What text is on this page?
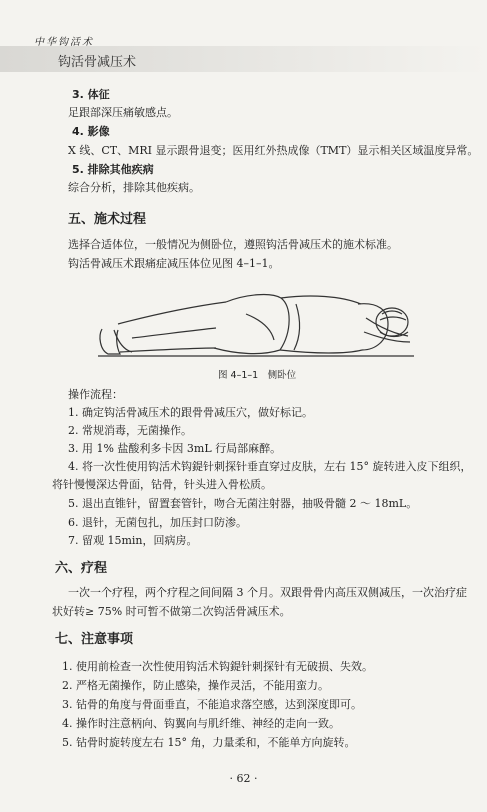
中华钩活术
钩活骨减压术
3. 体征
足跟部深压痛敏感点。
4. 影像
X 线、CT、MRI 显示跟骨退变；医用红外热成像（TMT）显示相关区域温度异常。
5. 排除其他疾病
综合分析，排除其他疾病。
五、施术过程
选择合适体位，一般情况为侧卧位，遵照钩活骨减压术的施术标准。
钩活骨减压术跟痛症减压体位见图 4–1–1。
图 4–1–1　侧卧位
操作流程：
1. 确定钩活骨减压术的跟骨骨减压穴，做好标记。
2. 常规消毒，无菌操作。
3. 用 1% 盐酸利多卡因 3mL 行局部麻醉。
4. 将一次性使用钩活术钩鍉针刺探针垂直穿过皮肤，左右 15° 旋转进入皮下组织，
将针慢慢深达骨面，钻骨，针头进入骨松质。
5. 退出直锥针，留置套管针，吻合无菌注射器，抽吸骨髓 2 ～ 18mL。
6. 退针，无菌包扎，加压封口防渗。
7. 留观 15min，回病房。
六、疗程
一次一个疗程，两个疗程之间间隔 3 个月。双跟骨骨内高压双侧减压，一次治疗症
状好转≥ 75% 时可暂不做第二次钩活骨减压术。
七、注意事项
1. 使用前检查一次性使用钩活术钩鍉针刺探针有无破损、失效。
2. 严格无菌操作，防止感染，操作灵活，不能用蛮力。
3. 钻骨的角度与骨面垂直，不能追求落空感，达到深度即可。
4. 操作时注意柄向、钩翼向与肌纤维、神经的走向一致。
5. 钻骨时旋转度左右 15° 角，力量柔和，不能单方向旋转。
· 62 ·
